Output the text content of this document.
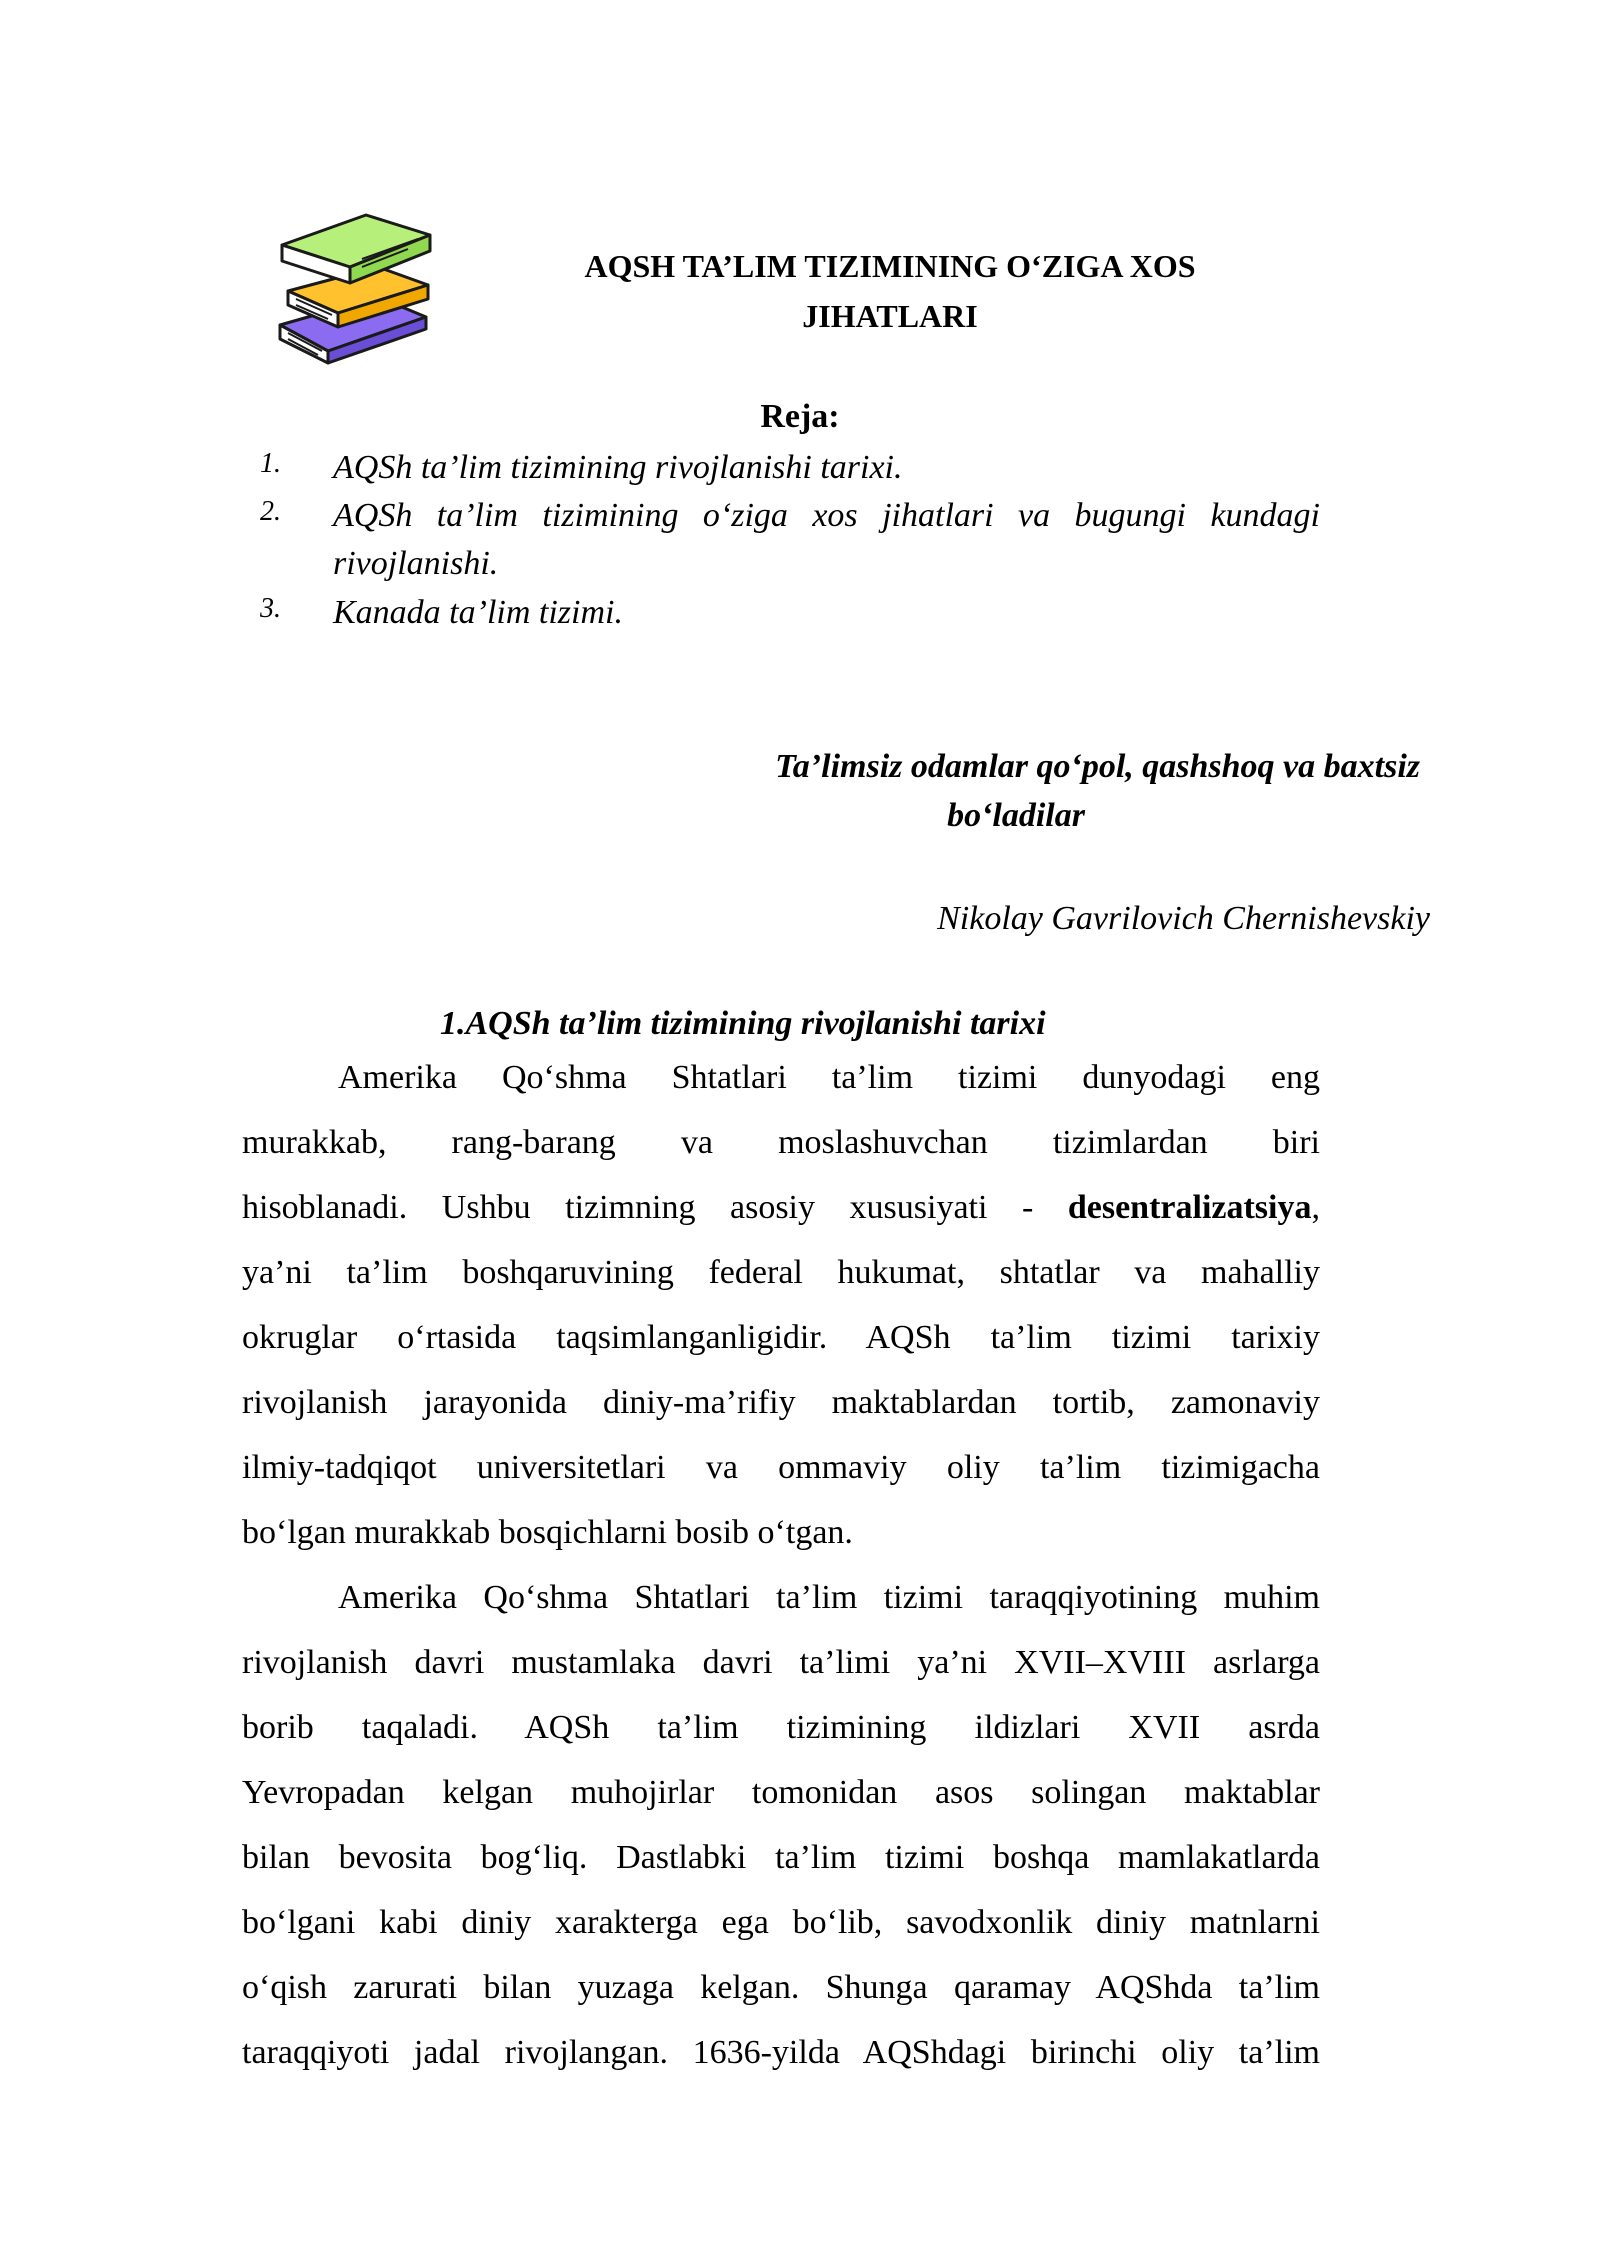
AQSH TA’LIM TIZIMINING O‘ZIGA XOS
JIHATLARI
Reja:
1. AQSh ta’lim tizimining rivojlanishi tarixi.
2. AQSh ta’lim tizimining o‘ziga xos jihatlari va bugungi kundagi
rivojlanishi.
3. Kanada ta’lim tizimi.
Ta’limsiz odamlar qo‘pol, qashshoq va baxtsiz
bo‘ladilar
Nikolay Gavrilovich Chernishevskiy
1.AQSh ta’lim tizimining rivojlanishi tarixi
Amerika Qo‘shma Shtatlari ta’lim tizimi dunyodagi eng
murakkab, rang-barang va moslashuvchan tizimlardan biri
hisoblanadi. Ushbu tizimning asosiy xususiyati - desentralizatsiya,
ya’ni ta’lim boshqaruvining federal hukumat, shtatlar va mahalliy
okruglar o‘rtasida taqsimlanganligidir. AQSh ta’lim tizimi tarixiy
rivojlanish jarayonida diniy-ma’rifiy maktablardan tortib, zamonaviy
ilmiy-tadqiqot universitetlari va ommaviy oliy ta’lim tizimigacha
bo‘lgan murakkab bosqichlarni bosib o‘tgan.
Amerika Qo‘shma Shtatlari ta’lim tizimi taraqqiyotining muhim
rivojlanish davri mustamlaka davri ta’limi ya’ni XVII–XVIII asrlarga
borib taqaladi. AQSh ta’lim tizimining ildizlari XVII asrda
Yevropadan kelgan muhojirlar tomonidan asos solingan maktablar
bilan bevosita bog‘liq. Dastlabki ta’lim tizimi boshqa mamlakatlarda
bo‘lgani kabi diniy xarakterga ega bo‘lib, savodxonlik diniy matnlarni
o‘qish zarurati bilan yuzaga kelgan. Shunga qaramay AQShda ta’lim
taraqqiyoti jadal rivojlangan. 1636-yilda AQShdagi birinchi oliy ta’lim
